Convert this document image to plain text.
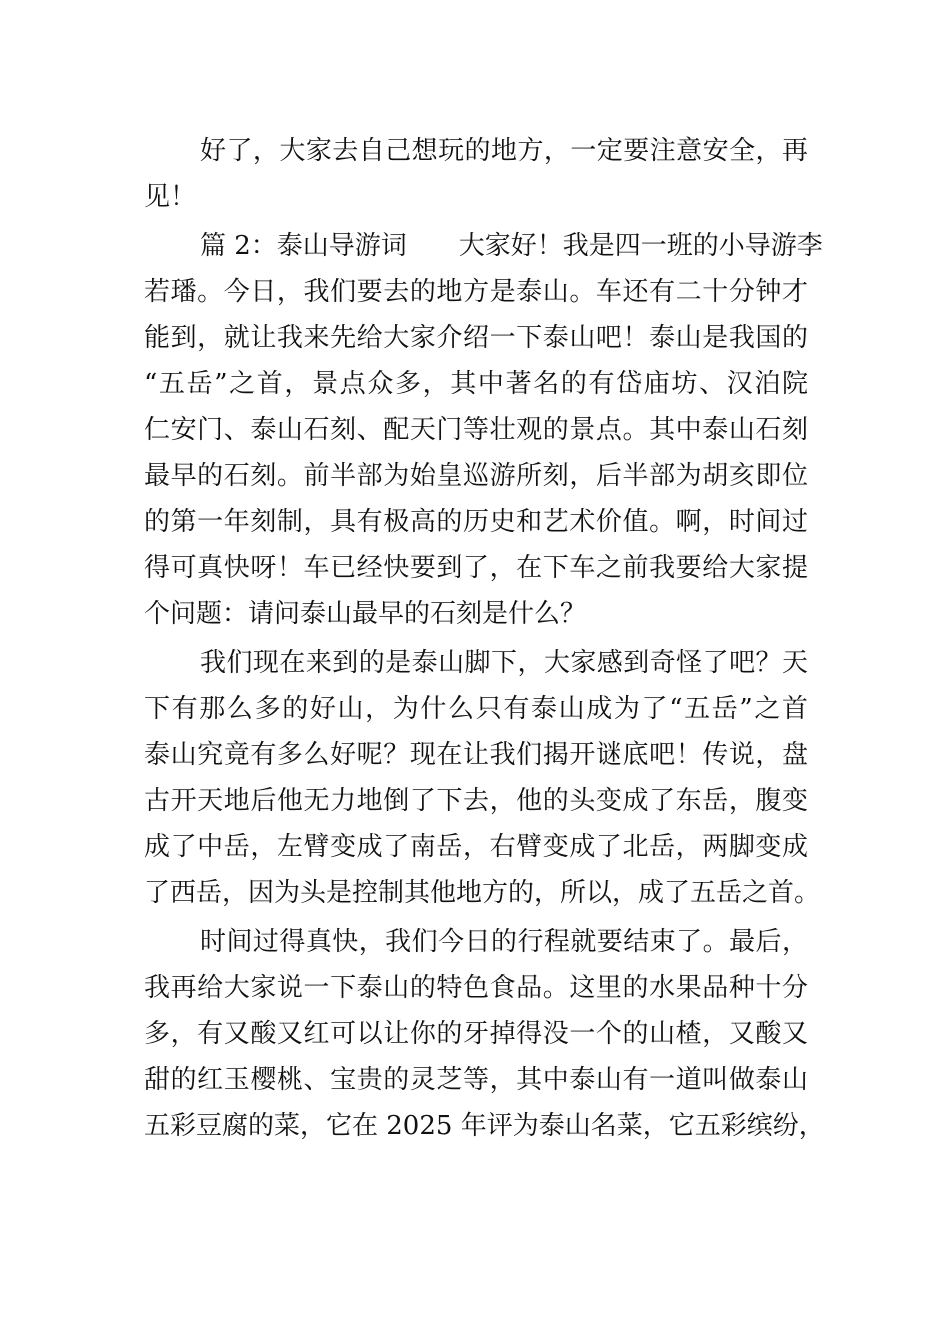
好了，大家去自己想玩的地方，一定要注意安全，再
见！

篇 2：泰山导游词　　大家好！我是四一班的小导游李
若璠。今日，我们要去的地方是泰山。车还有二十分钟才
能到，就让我来先给大家介绍一下泰山吧！泰山是我国的
“五岳”之首，景点众多，其中著名的有岱庙坊、汉泊院
仁安门、泰山石刻、配天门等壮观的景点。其中泰山石刻
最早的石刻。前半部为始皇巡游所刻，后半部为胡亥即位
的第一年刻制，具有极高的历史和艺术价值。啊，时间过
得可真快呀！车已经快要到了，在下车之前我要给大家提
个问题：请问泰山最早的石刻是什么？

我们现在来到的是泰山脚下，大家感到奇怪了吧？天
下有那么多的好山，为什么只有泰山成为了“五岳”之首
泰山究竟有多么好呢？现在让我们揭开谜底吧！传说，盘
古开天地后他无力地倒了下去，他的头变成了东岳，腹变
成了中岳，左臂变成了南岳，右臂变成了北岳，两脚变成
了西岳，因为头是控制其他地方的，所以，成了五岳之首。

时间过得真快，我们今日的行程就要结束了。最后，
我再给大家说一下泰山的特色食品。这里的水果品种十分
多，有又酸又红可以让你的牙掉得没一个的山楂，又酸又
甜的红玉樱桃、宝贵的灵芝等，其中泰山有一道叫做泰山
五彩豆腐的菜，它在 2025 年评为泰山名菜，它五彩缤纷，
